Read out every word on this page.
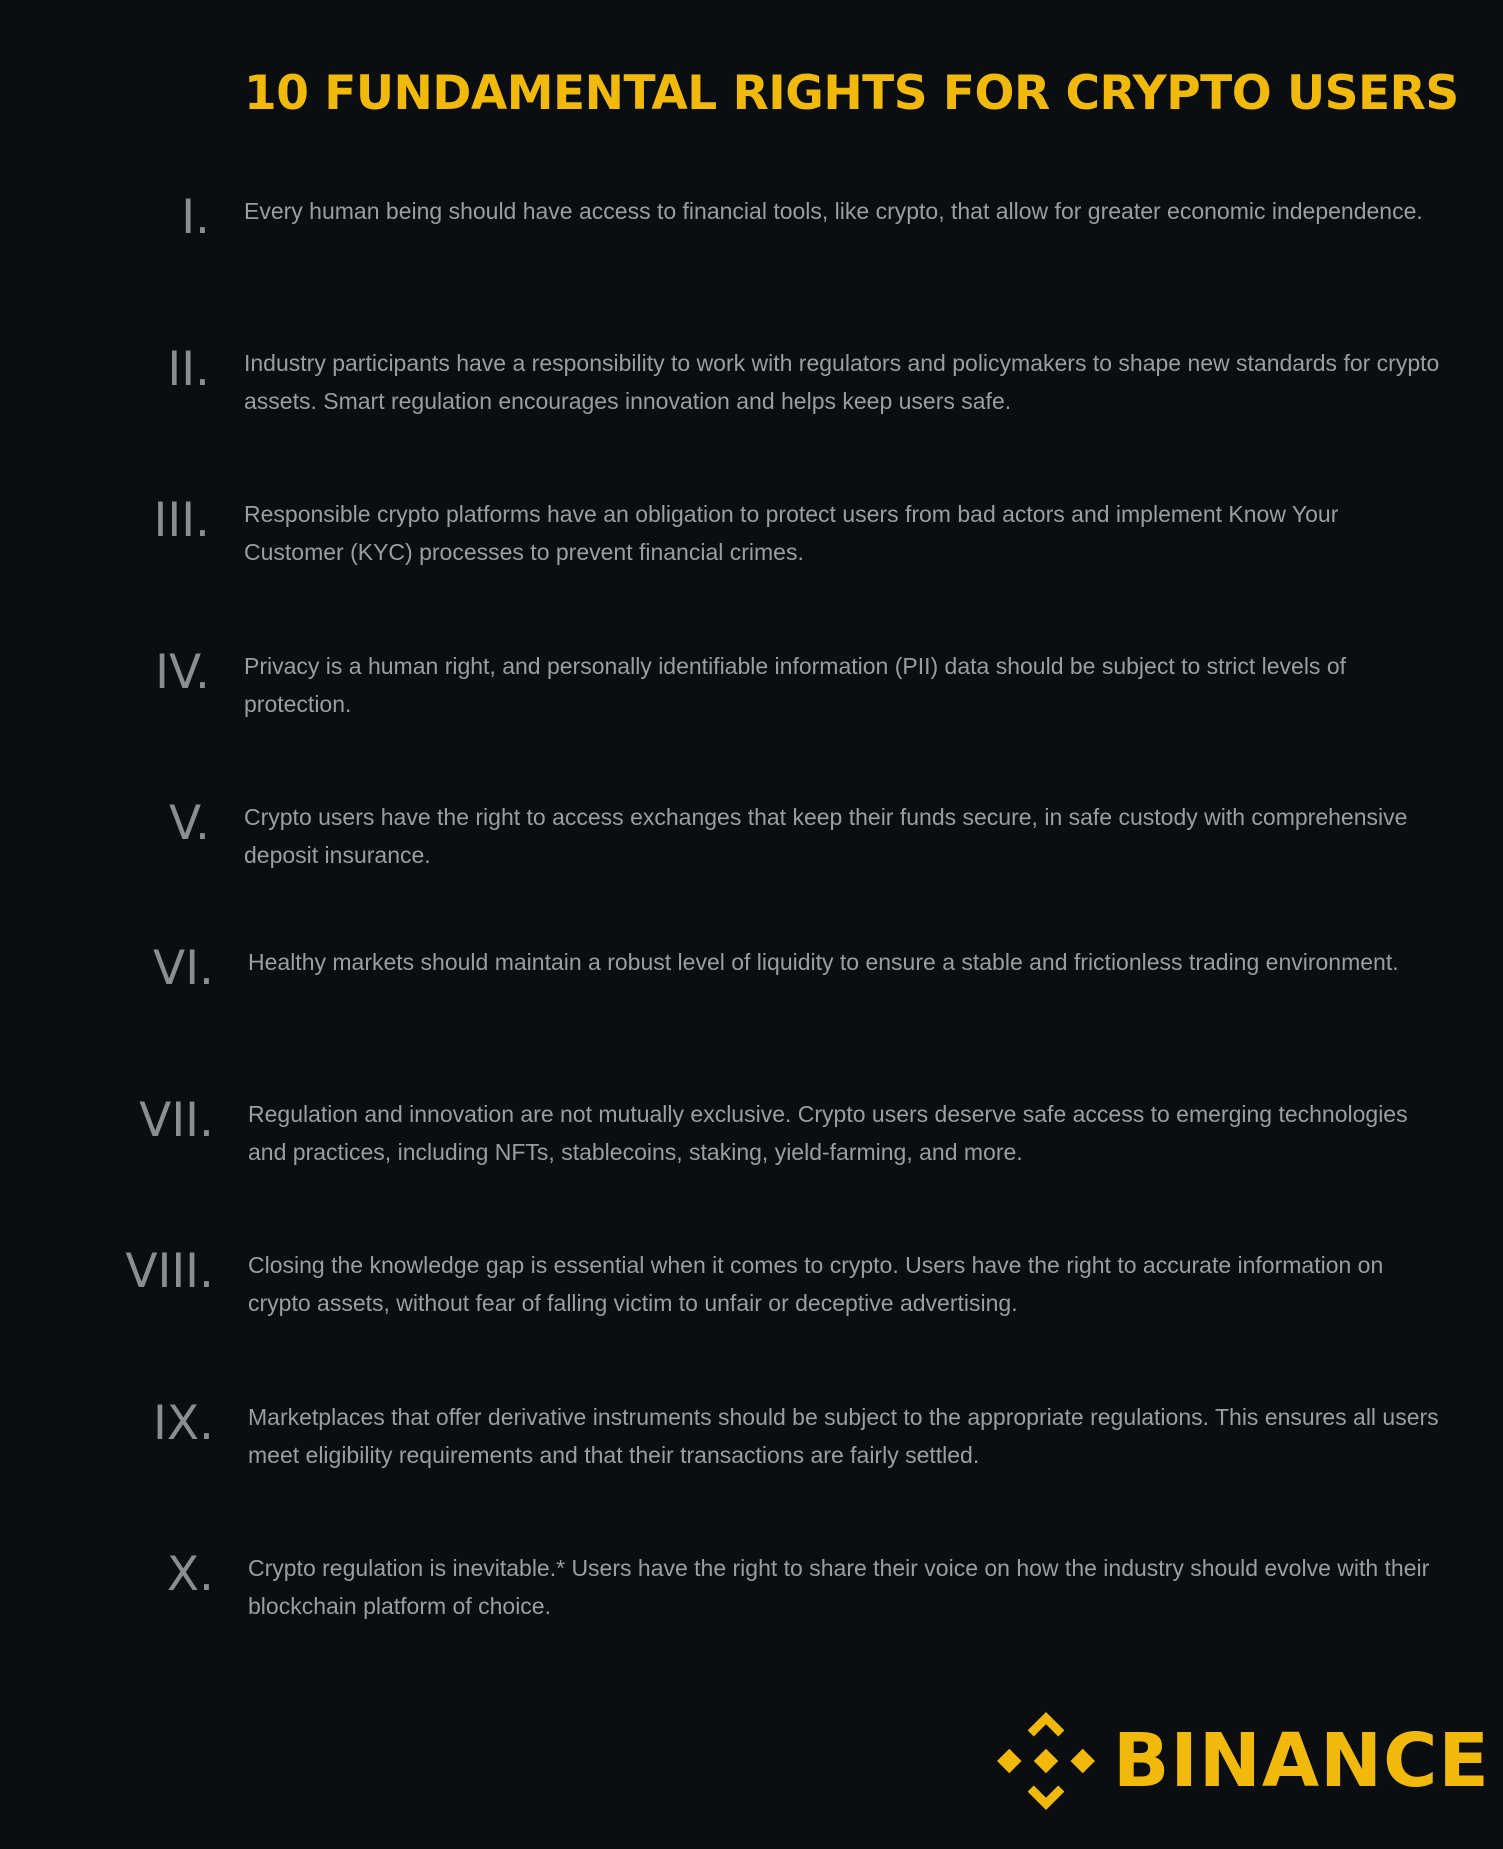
10 FUNDAMENTAL RIGHTS FOR CRYPTO USERS
I. Every human being should have access to financial tools, like crypto, that allow for greater economic independence.

II. Industry participants have a responsibility to work with regulators and policymakers to shape new standards for crypto assets. Smart regulation encourages innovation and helps keep users safe.

III. Responsible crypto platforms have an obligation to protect users from bad actors and implement Know Your Customer (KYC) processes to prevent financial crimes.

IV. Privacy is a human right, and personally identifiable information (PII) data should be subject to strict levels of protection.

V. Crypto users have the right to access exchanges that keep their funds secure, in safe custody with comprehensive deposit insurance.

VI. Healthy markets should maintain a robust level of liquidity to ensure a stable and frictionless trading environment.

VII. Regulation and innovation are not mutually exclusive. Crypto users deserve safe access to emerging technologies and practices, including NFTs, stablecoins, staking, yield-farming, and more.

VIII. Closing the knowledge gap is essential when it comes to crypto. Users have the right to accurate information on crypto assets, without fear of falling victim to unfair or deceptive advertising.

IX. Marketplaces that offer derivative instruments should be subject to the appropriate regulations. This ensures all users meet eligibility requirements and that their transactions are fairly settled.

X. Crypto regulation is inevitable.* Users have the right to share their voice on how the industry should evolve with their blockchain platform of choice.

BINANCE
